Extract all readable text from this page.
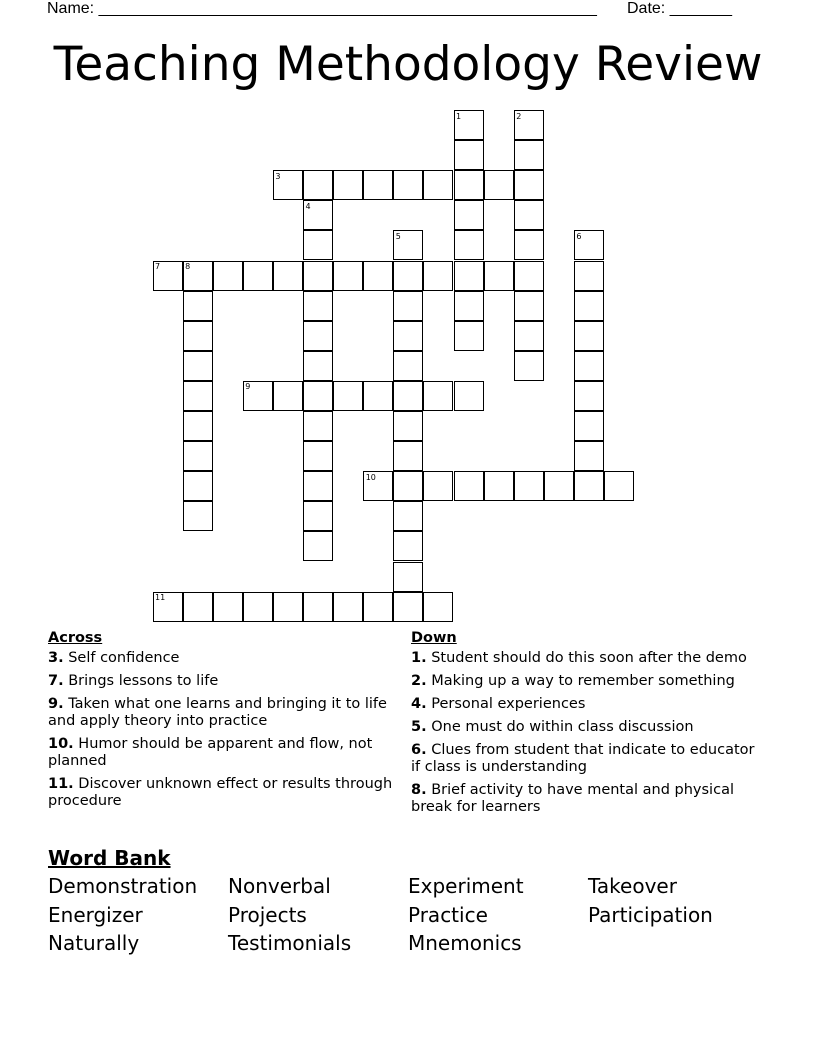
Name: ________________________________________________________ Date: _______
Teaching Methodology Review
3
7
9
10
11
1	2
4
5	6
8
Across
3. Self confidence
7. Brings lessons to life
9. Taken what one learns and bringing it to life and apply theory into practice
10. Humor should be apparent and flow, not planned
11. Discover unknown effect or results through procedure
Down
1. Student should do this soon after the demo
2. Making up a way to remember something
4. Personal experiences
5. One must do within class discussion
6. Clues from student that indicate to educator if class is understanding
8. Brief activity to have mental and physical break for learners
Word Bank
Demonstration Nonverbal	Experiment	Takeover
Energizer	Projects	Practice	Participation
Naturally	Testimonials	Mnemonics
